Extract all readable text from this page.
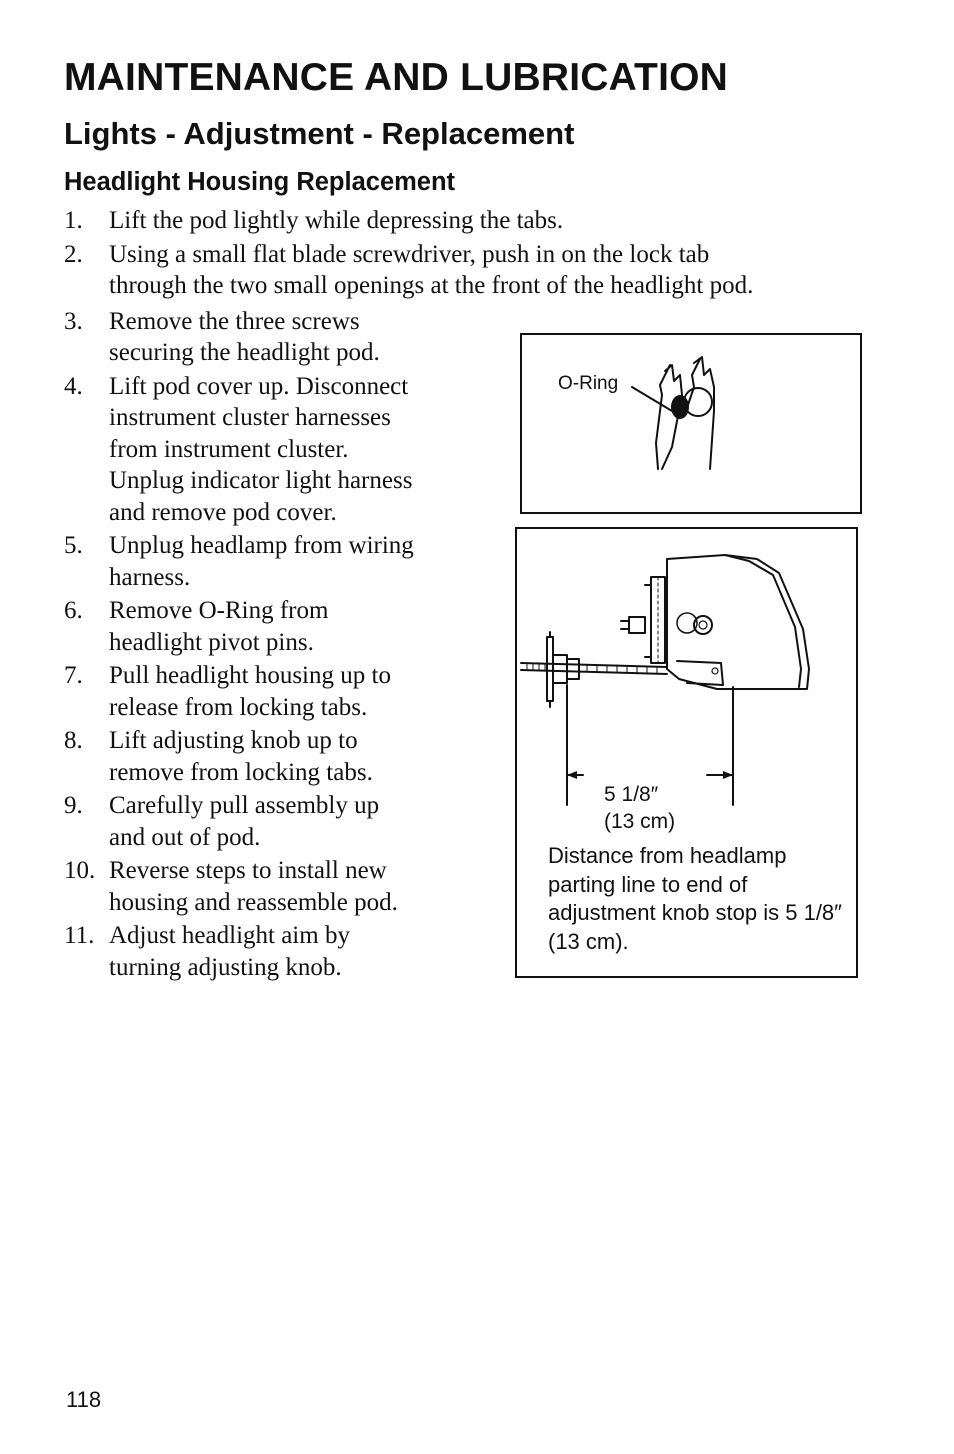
MAINTENANCE AND LUBRICATION
Lights - Adjustment - Replacement
Headlight Housing Replacement
1. Lift the pod lightly while depressing the tabs.
2. Using a small flat blade screwdriver, push in on the lock tab
through the two small openings at the front of the headlight pod.
3. Remove the three screws
securing the headlight pod.
4. Lift pod cover up. Disconnect
instrument cluster harnesses
from instrument cluster.
Unplug indicator light harness
and remove pod cover.
5. Unplug headlamp from wiring
harness.
6. Remove O-Ring from
headlight pivot pins.
7. Pull headlight housing up to
release from locking tabs.
8. Lift adjusting knob up to
remove from locking tabs.
9. Carefully pull assembly up
and out of pod.
10. Reverse steps to install new
housing and reassemble pod.
11. Adjust headlight aim by
turning adjusting knob.
O-Ring
5 1/8″
(13 cm)
Distance from headlamp parting line to end of adjustment knob stop is 5 1/8″ (13 cm).
118
